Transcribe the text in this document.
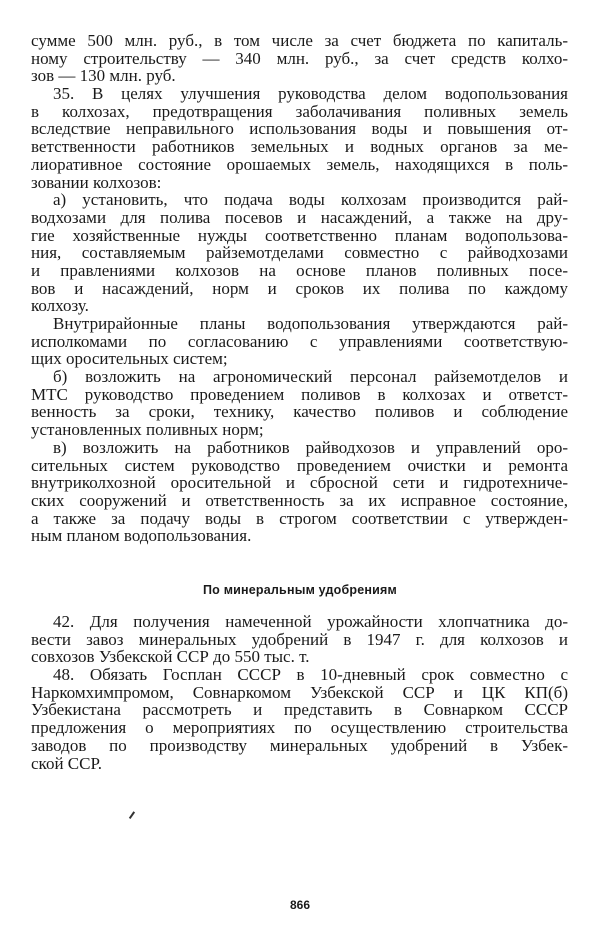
сумме 500 млн. руб., в том числе за счет бюджета по капиталь-
ному строительству — 340 млн. руб., за счет средств колхо-
зов — 130 млн. руб.
35. В целях улучшения руководства делом водопользования
в колхозах, предотвращения заболачивания поливных земель
вследствие неправильного использования воды и повышения от-
ветственности работников земельных и водных органов за ме-
лиоративное состояние орошаемых земель, находящихся в поль-
зовании колхозов:
а) установить, что подача воды колхозам производится рай-
водхозами для полива посевов и насаждений, а также на дру-
гие хозяйственные нужды соответственно планам водопользова-
ния, составляемым райземотделами совместно с райводхозами
и правлениями колхозов на основе планов поливных посе-
вов и насаждений, норм и сроков их полива по каждому
колхозу.
Внутрирайонные планы водопользования утверждаются рай-
исполкомами по согласованию с управлениями соответствую-
щих оросительных систем;
б) возложить на агрономический персонал райземотделов и
МТС руководство проведением поливов в колхозах и ответст-
венность за сроки, технику, качество поливов и соблюдение
установленных поливных норм;
в) возложить на работников райводхозов и управлений оро-
сительных систем руководство проведением очистки и ремонта
внутриколхозной оросительной и сбросной сети и гидротехниче-
ских сооружений и ответственность за их исправное состояние,
а также за подачу воды в строгом соответствии с утвержден-
ным планом водопользования.
По минеральным удобрениям
42. Для получения намеченной урожайности хлопчатника до-
вести завоз минеральных удобрений в 1947 г. для колхозов и
совхозов Узбекской ССР до 550 тыс. т.
48. Обязать Госплан СССР в 10-дневный срок совместно с
Наркомхимпромом, Совнаркомом Узбекской ССР и ЦК КП(б)
Узбекистана рассмотреть и представить в Совнарком СССР
предложения о мероприятиях по осуществлению строительства
заводов по производству минеральных удобрений в Узбек-
ской ССР.
866
